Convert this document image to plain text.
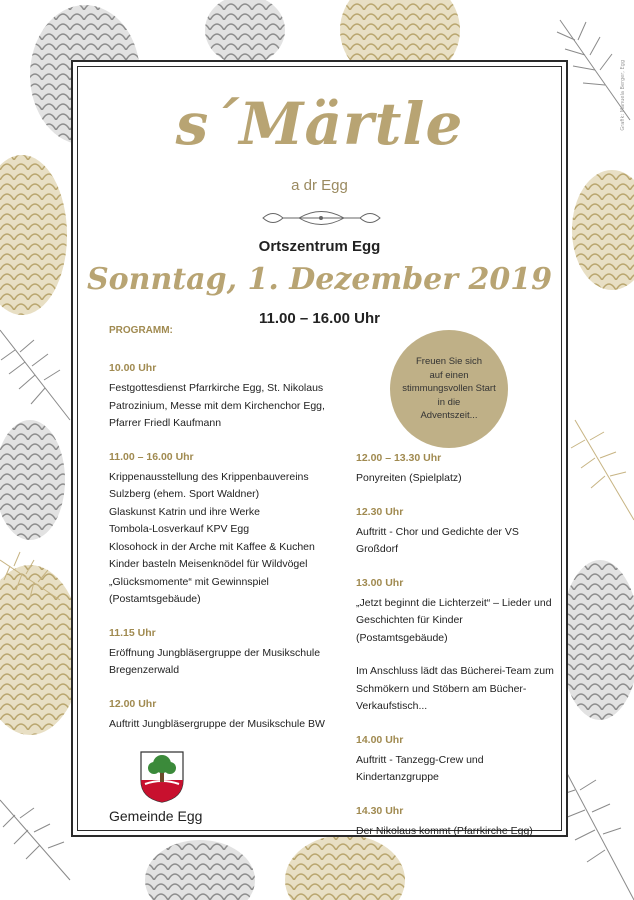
Grafik: Manuela Berger, Egg
s´Märtle
a dr Egg
Ortszentrum Egg
Sonntag, 1. Dezember 2019
11.00 – 16.00 Uhr
PROGRAMM:
Freuen Sie sich
auf einen
stimmungsvollen Start
in die
Adventszeit...
10.00 Uhr
Festgottesdienst Pfarrkirche Egg, St. Nikolaus
Patrozinium, Messe mit dem Kirchenchor Egg,
Pfarrer Friedl Kaufmann
11.00 – 16.00 Uhr
Krippenausstellung des Krippenbauvereins
Sulzberg (ehem. Sport Waldner)
Glaskunst Katrin und ihre Werke
Tombola-Losverkauf KPV Egg
Klosohock in der Arche mit Kaffee & Kuchen
Kinder basteln Meisenknödel für Wildvögel
„Glücksmomente“ mit Gewinnspiel
(Postamtsgebäude)
11.15 Uhr
Eröffnung Jungbläsergruppe der Musikschule
Bregenzerwald
12.00 Uhr
Auftritt Jungbläsergruppe der Musikschule BW
12.00 – 13.30 Uhr
Ponyreiten (Spielplatz)
12.30 Uhr
Auftritt - Chor und Gedichte der VS Großdorf
13.00 Uhr
„Jetzt beginnt die Lichterzeit“ – Lieder und
Geschichten für Kinder (Postamtsgebäude)
Im Anschluss lädt das Bücherei-Team zum
Schmökern und Stöbern am Bücher-
Verkaufstisch...
14.00 Uhr
Auftritt - Tanzegg-Crew und
Kindertanzgruppe
14.30 Uhr
Der Nikolaus kommt (Pfarrkirche Egg)
Gemeinde Egg
